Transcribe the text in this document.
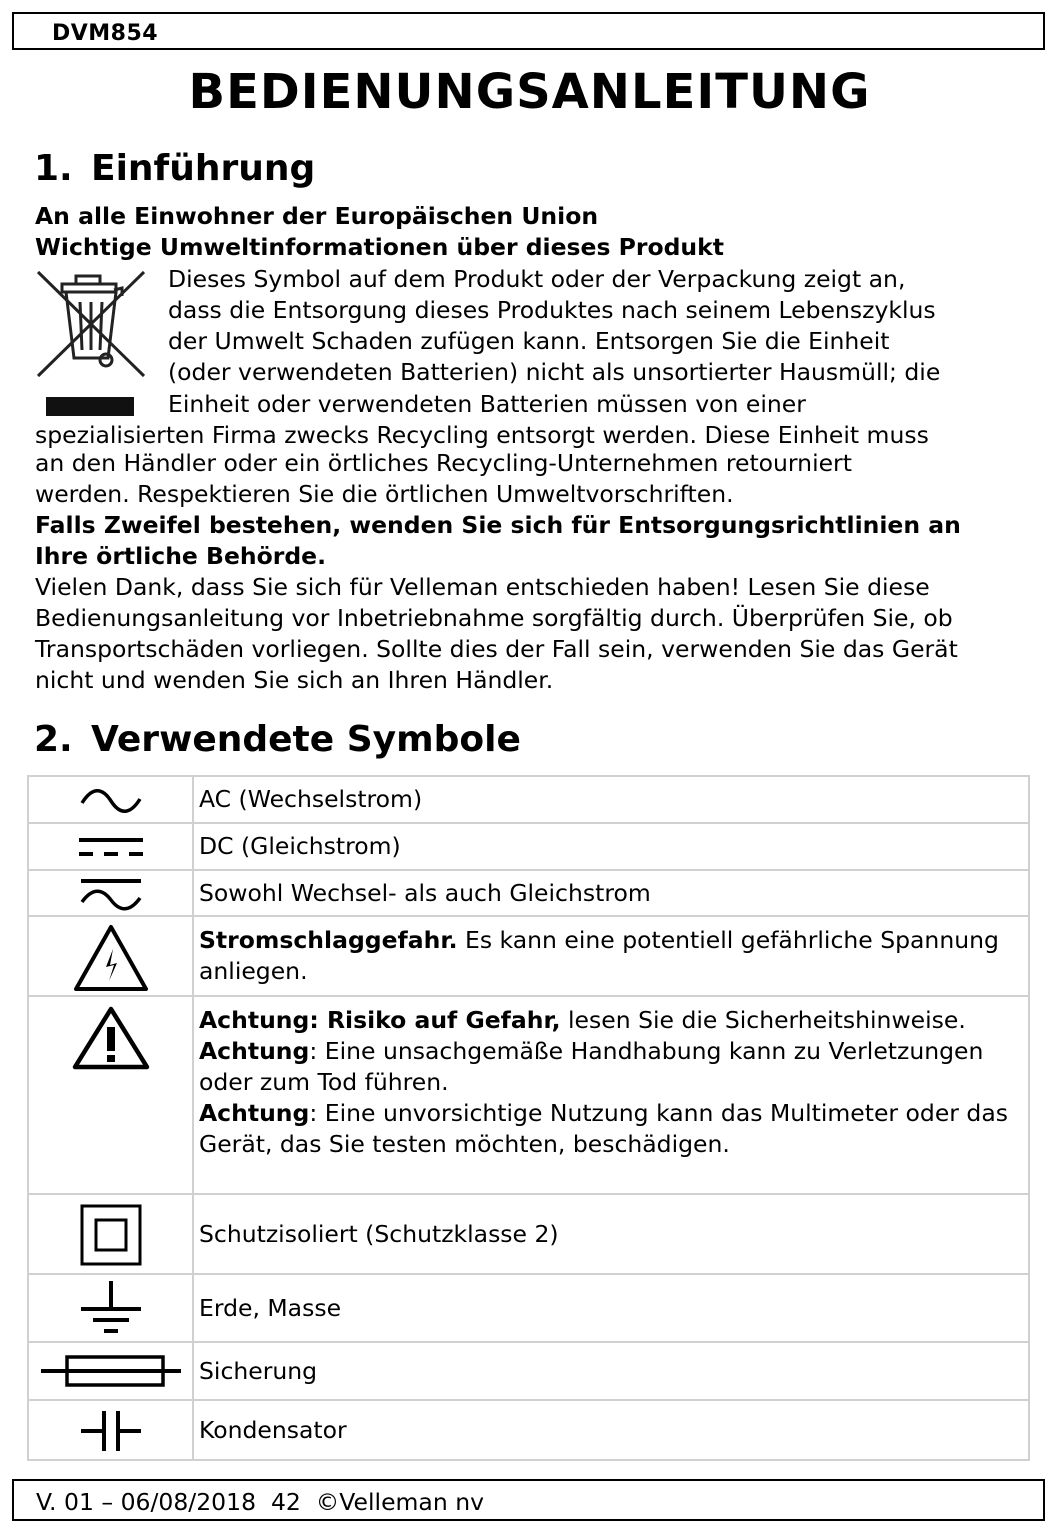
DVM854
BEDIENUNGSANLEITUNG
1. Einführung
An alle Einwohner der Europäischen Union
Wichtige Umweltinformationen über dieses Produkt
Dieses Symbol auf dem Produkt oder der Verpackung zeigt an,
dass die Entsorgung dieses Produktes nach seinem Lebenszyklus
der Umwelt Schaden zufügen kann. Entsorgen Sie die Einheit
(oder verwendeten Batterien) nicht als unsortierter Hausmüll; die
Einheit oder verwendeten Batterien müssen von einer
spezialisierten Firma zwecks Recycling entsorgt werden. Diese Einheit muss
an den Händler oder ein örtliches Recycling-Unternehmen retourniert
werden. Respektieren Sie die örtlichen Umweltvorschriften.
Falls Zweifel bestehen, wenden Sie sich für Entsorgungsrichtlinien an Ihre örtliche Behörde.
Vielen Dank, dass Sie sich für Velleman entschieden haben! Lesen Sie diese Bedienungsanleitung vor Inbetriebnahme sorgfältig durch. Überprüfen Sie, ob Transportschäden vorliegen. Sollte dies der Fall sein, verwenden Sie das Gerät nicht und wenden Sie sich an Ihren Händler.
2. Verwendete Symbole
	AC (Wechselstrom)

	DC (Gleichstrom)

	Sowohl Wechsel- als auch Gleichstrom

	Stromschlaggefahr. Es kann eine potentiell gefährliche Spannung anliegen.

Achtung: Risiko auf Gefahr, lesen Sie die Sicherheitshinweise.
Achtung: Eine unsachgemäße Handhabung kann zu Verletzungen oder zum Tod führen.
Achtung: Eine unvorsichtige Nutzung kann das Multimeter oder das Gerät, das Sie testen möchten, beschädigen.

	Schutzisoliert (Schutzklasse 2)

	Erde, Masse

	Sicherung

	Kondensator
V. 01 – 06/08/2018  42  ©Velleman nv
